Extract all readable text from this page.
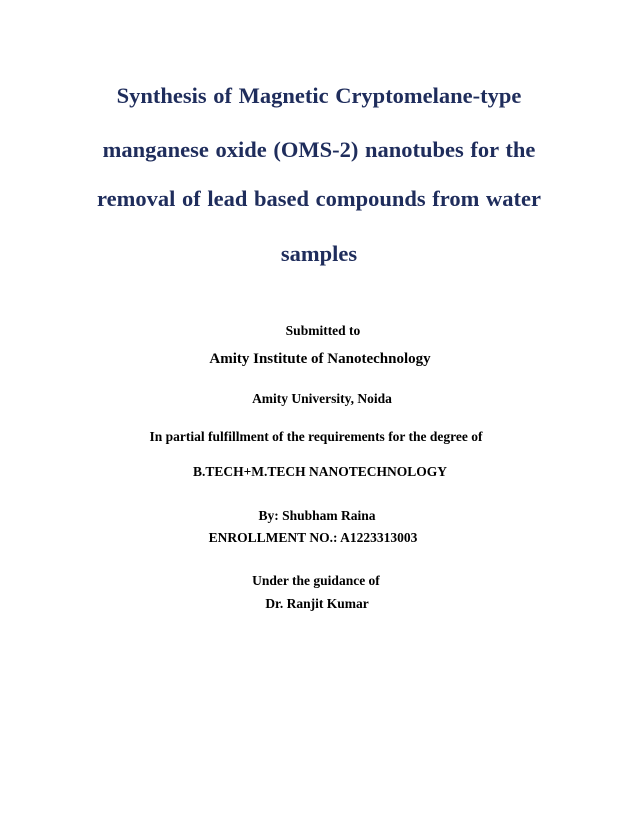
Synthesis of Magnetic Cryptomelane-type
manganese oxide (OMS-2) nanotubes for the
removal of lead based compounds from water
samples
Submitted to
Amity Institute of Nanotechnology
Amity University, Noida
In partial fulfillment of the requirements for the degree of
B.TECH+M.TECH NANOTECHNOLOGY
By: Shubham Raina
ENROLLMENT NO.: A1223313003
Under the guidance of
Dr. Ranjit Kumar
